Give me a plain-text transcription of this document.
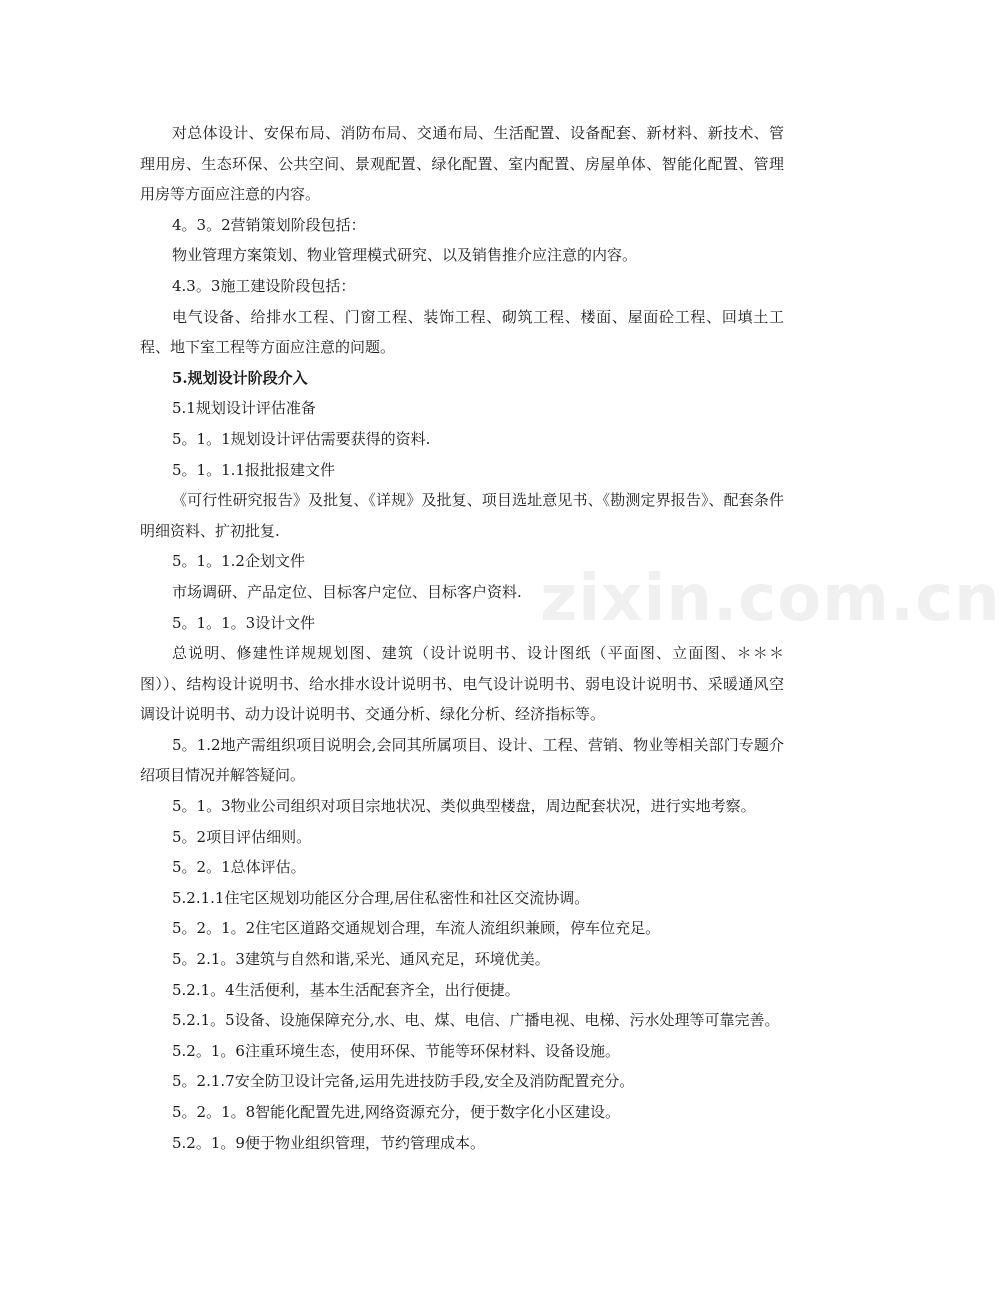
对总体设计、安保布局、消防布局、交通布局、生活配置、设备配套、新材料、新技术、管理用房、生态环保、公共空间、景观配置、绿化配置、室内配置、房屋单体、智能化配置、管理用房等方面应注意的内容。

4。3。2营销策划阶段包括：

物业管理方案策划、物业管理模式研究、以及销售推介应注意的内容。

4.3。3施工建设阶段包括：

电气设备、给排水工程、门窗工程、装饰工程、砌筑工程、楼面、屋面砼工程、回填土工程、地下室工程等方面应注意的问题。

5.规划设计阶段介入

5.1规划设计评估准备

5。1。1规划设计评估需要获得的资料.

5。1。1.1报批报建文件

《可行性研究报告》及批复、《详规》及批复、项目选址意见书、《勘测定界报告》、配套条件明细资料、扩初批复.

5。1。1.2企划文件

市场调研、产品定位、目标客户定位、目标客户资料.

5。1。1。3设计文件

总说明、修建性详规规划图、建筑（设计说明书、设计图纸（平面图、立面图、＊＊＊图））、结构设计说明书、给水排水设计说明书、电气设计说明书、弱电设计说明书、采暖通风空调设计说明书、动力设计说明书、交通分析、绿化分析、经济指标等。

5。1.2地产需组织项目说明会,会同其所属项目、设计、工程、营销、物业等相关部门专题介绍项目情况并解答疑问。

5。1。3物业公司组织对项目宗地状况、类似典型楼盘，周边配套状况，进行实地考察。

5。2项目评估细则。

5。2。1总体评估。

5.2.1.1住宅区规划功能区分合理,居住私密性和社区交流协调。

5。2。1。2住宅区道路交通规划合理，车流人流组织兼顾，停车位充足。

5。2.1。3建筑与自然和谐,采光、通风充足，环境优美。

5.2.1。4生活便利，基本生活配套齐全，出行便捷。

5.2.1。5设备、设施保障充分,水、电、煤、电信、广播电视、电梯、污水处理等可靠完善。

5.2。1。6注重环境生态，使用环保、节能等环保材料、设备设施。

5。2.1.7安全防卫设计完备,运用先进技防手段,安全及消防配置充分。

5。2。1。8智能化配置先进,网络资源充分，便于数字化小区建设。

5.2。1。9便于物业组织管理，节约管理成本。

zixin.com.cn
